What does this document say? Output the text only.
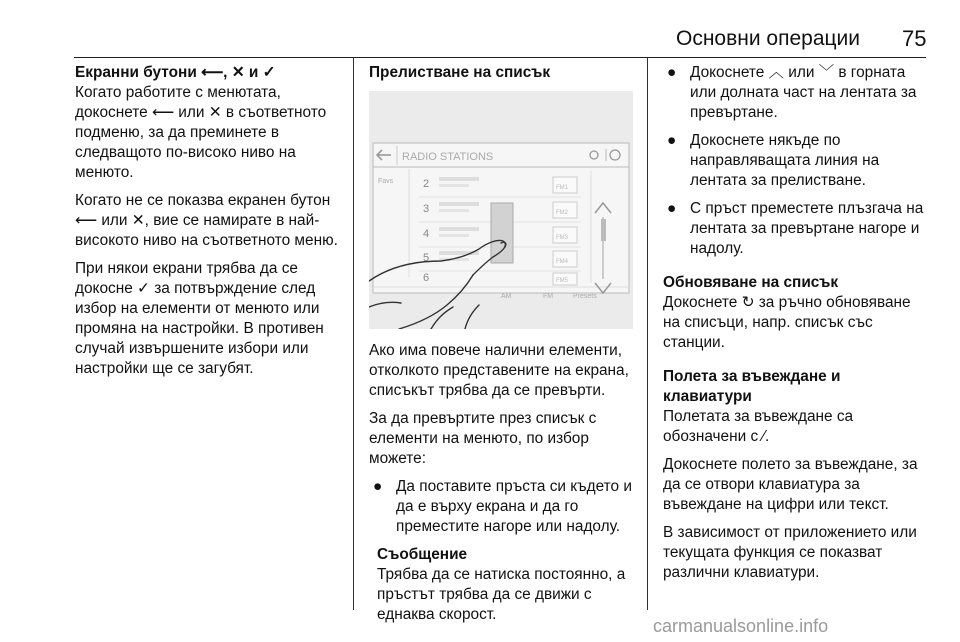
Основни операции 75
Екранни бутони ⟵, ✕ и ✓

Когато работите с менютата, докоснете ⟵ или ✕ в съответното подменю, за да преминете в следващото по-високо ниво на менюто.

Когато не се показва екранен бутон ⟵ или ✕, вие се намирате в най-високото ниво на съответното меню.

При някои екрани трябва да се докосне ✓ за потвърждение след избор на елементи от менюто или промяна на настройки. В противен случай извършените избори или настройки ще се загубят.

Прелистване на списък
RADIO STATIONS
Favs	2	FM1
3	FM2
4	FM3
5	FM4
6	FM5
AM	FM	Presets

Ако има повече налични елементи, отколкото представените на екрана, списъкът трябва да се превърти.

За да превъртите през списък с елементи на менюто, по избор можете:

● Да поставите пръста си където и да е върху екрана и да го преместите нагоре или надолу.
Съобщение
Трябва да се натиска постоянно, а пръстът трябва да се движи с еднаква скорост.
● Докоснете ︿ или ﹀ в горната или долната част на лентата за превъртане.
● Докоснете някъде по направляващата линия на лентата за прелистване.
● С пръст преместете плъзгача на лентата за превъртане нагоре и надолу.
Обновяване на списък
Докоснете ↻ за ръчно обновяване на списъци, напр. списък със станции.
Полета за въвеждане и клавиатури

Полетата за въвеждане са обозначени с ⁄.

Докоснете полето за въвеждане, за да се отвори клавиатура за въвеждане на цифри или текст.

В зависимост от приложението или текущата функция се показват различни клавиатури.

carmanualsonline.info
